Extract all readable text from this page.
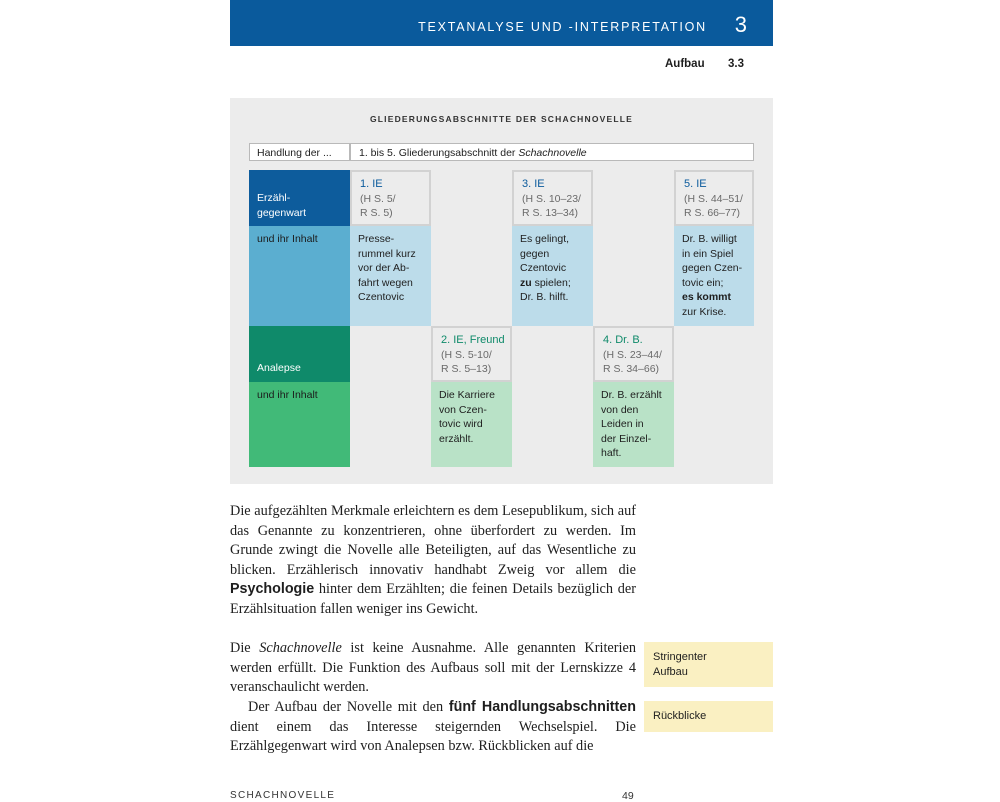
TEXTANALYSE UND -INTERPRETATION 3
Aufbau 3.3
GLIEDERUNGSABSCHNITTE DER SCHACHNOVELLE
Handlung der ...	1. bis 5. Gliederungsabschnitt der Schachnovelle
Erzähl-
gegenwart
und ihr Inhalt
Analepse
und ihr Inhalt
1. IE
(H S. 5/
R S. 5)
Presse-
rummel kurz
vor der Ab-
fahrt wegen
Czentovic
2. IE, Freund
(H S. 5-10/
R S. 5–13)
Die Karriere
von Czen-
tovic wird
erzählt.
3. IE
(H S. 10–23/
R S. 13–34)
Es gelingt,
gegen
Czentovic
zu spielen;
Dr. B. hilft.
4. Dr. B.
(H S. 23–44/
R S. 34–66)
Dr. B. erzählt
von den
Leiden in
der Einzel-
haft.
5. IE
(H S. 44–51/
R S. 66–77)
Dr. B. willigt
in ein Spiel
gegen Czen-
tovic ein;
es kommt
zur Krise.

Die aufgezählten Merkmale erleichtern es dem Lesepublikum, sich auf das Genannte zu konzentrieren, ohne überfordert zu werden. Im Grunde zwingt die Novelle alle Beteiligten, auf das Wesentliche zu blicken. Erzählerisch innovativ handhabt Zweig vor allem die Psychologie hinter dem Erzählten; die feinen Details bezüglich der Erzählsituation fallen weniger ins Gewicht.

Die Schachnovelle ist keine Ausnahme. Alle genannten Kriterien werden erfüllt. Die Funktion des Aufbaus soll mit der Lernskizze 4 veranschaulicht werden.

Der Aufbau der Novelle mit den fünf Handlungsabschnitten dient einem das Interesse steigernden Wechselspiel. Die Erzählgegenwart wird von Analepsen bzw. Rückblicken auf die

Stringenter
Aufbau
Rückblicke
SCHACHNOVELLE	49
